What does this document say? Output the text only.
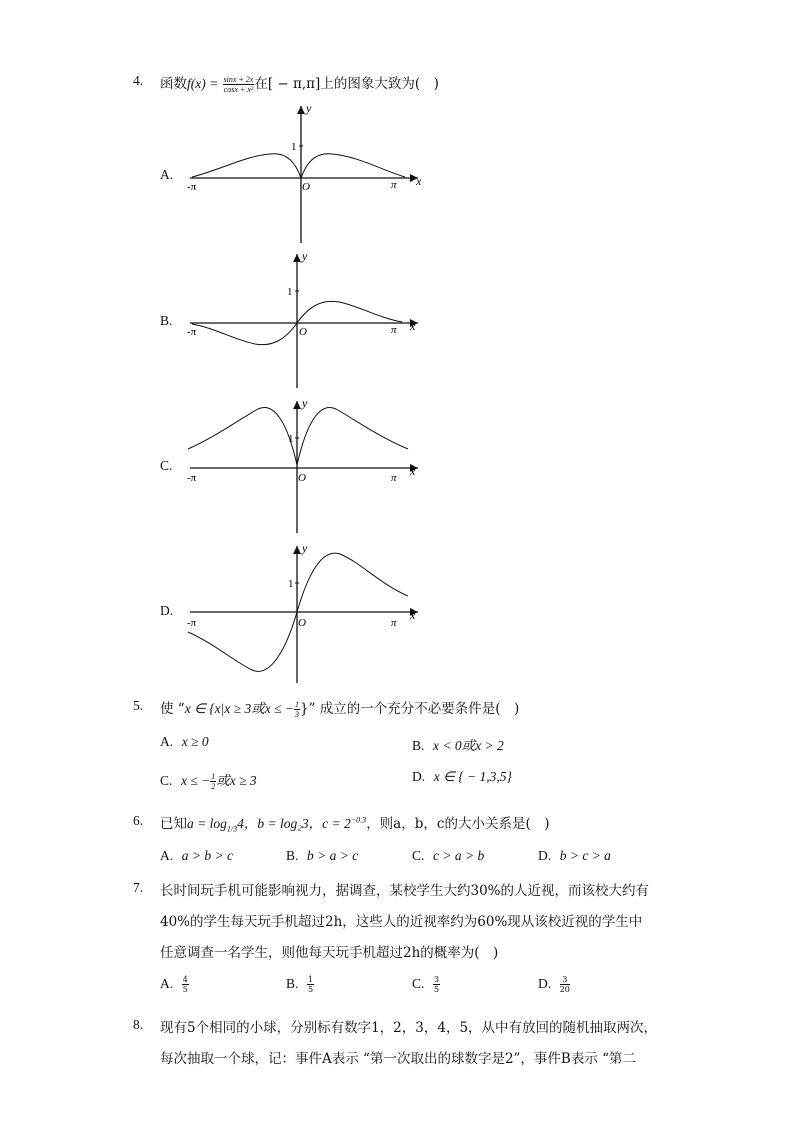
4. 函数$f(x) = \frac{\sin x + 2x}{\text{cosx + x²}}$ 在[ − π,π]上的图象大致为(　)
A.
-π	π
1
O	x
y
B.
-π	π
1
O	x
y
C.
-π	π
1
O	x
y
D.
-π	π
1
O
x
y
5. 使 “x ∈ {x|x ≥ 3或x ≤ − $\frac{1}{3}$ }” 成立的一个充分不必要条件是(　)
A. x ≥ 0	B. x < 0或x > 2
C. x ≤ − $\frac{1}{2}$ 或x ≥ 3	D. x ∈ { − 1,3,5}
6. 已知$a = \log_{1/3}4$，b = log₂3，$c = 2^{-0.3}$，则a，b，c的大小关系是(　)
A. a > b > c	B. b > a > c	C. c > a > b	D. b > c > a
7. 长时间玩手机可能影响视力，据调查，某校学生大约30%的人近视，而该校大约有
40%的学生每天玩手机超过2h，这些人的近视率约为60%现从该校近视的学生中
任意调查一名学生，则他每天玩手机超过2h的概率为(　)
A. $\frac{4}{5}$	B. $\frac{1}{5}$	C. $\frac{3}{5}$	D. $\frac{3}{20}$
8. 现有5个相同的小球，分别标有数字1，2，3，4，5，从中有放回的随机抽取两次，
每次抽取一个球，记：事件A表示 “第一次取出的球数字是2”，事件B表示 “第二
